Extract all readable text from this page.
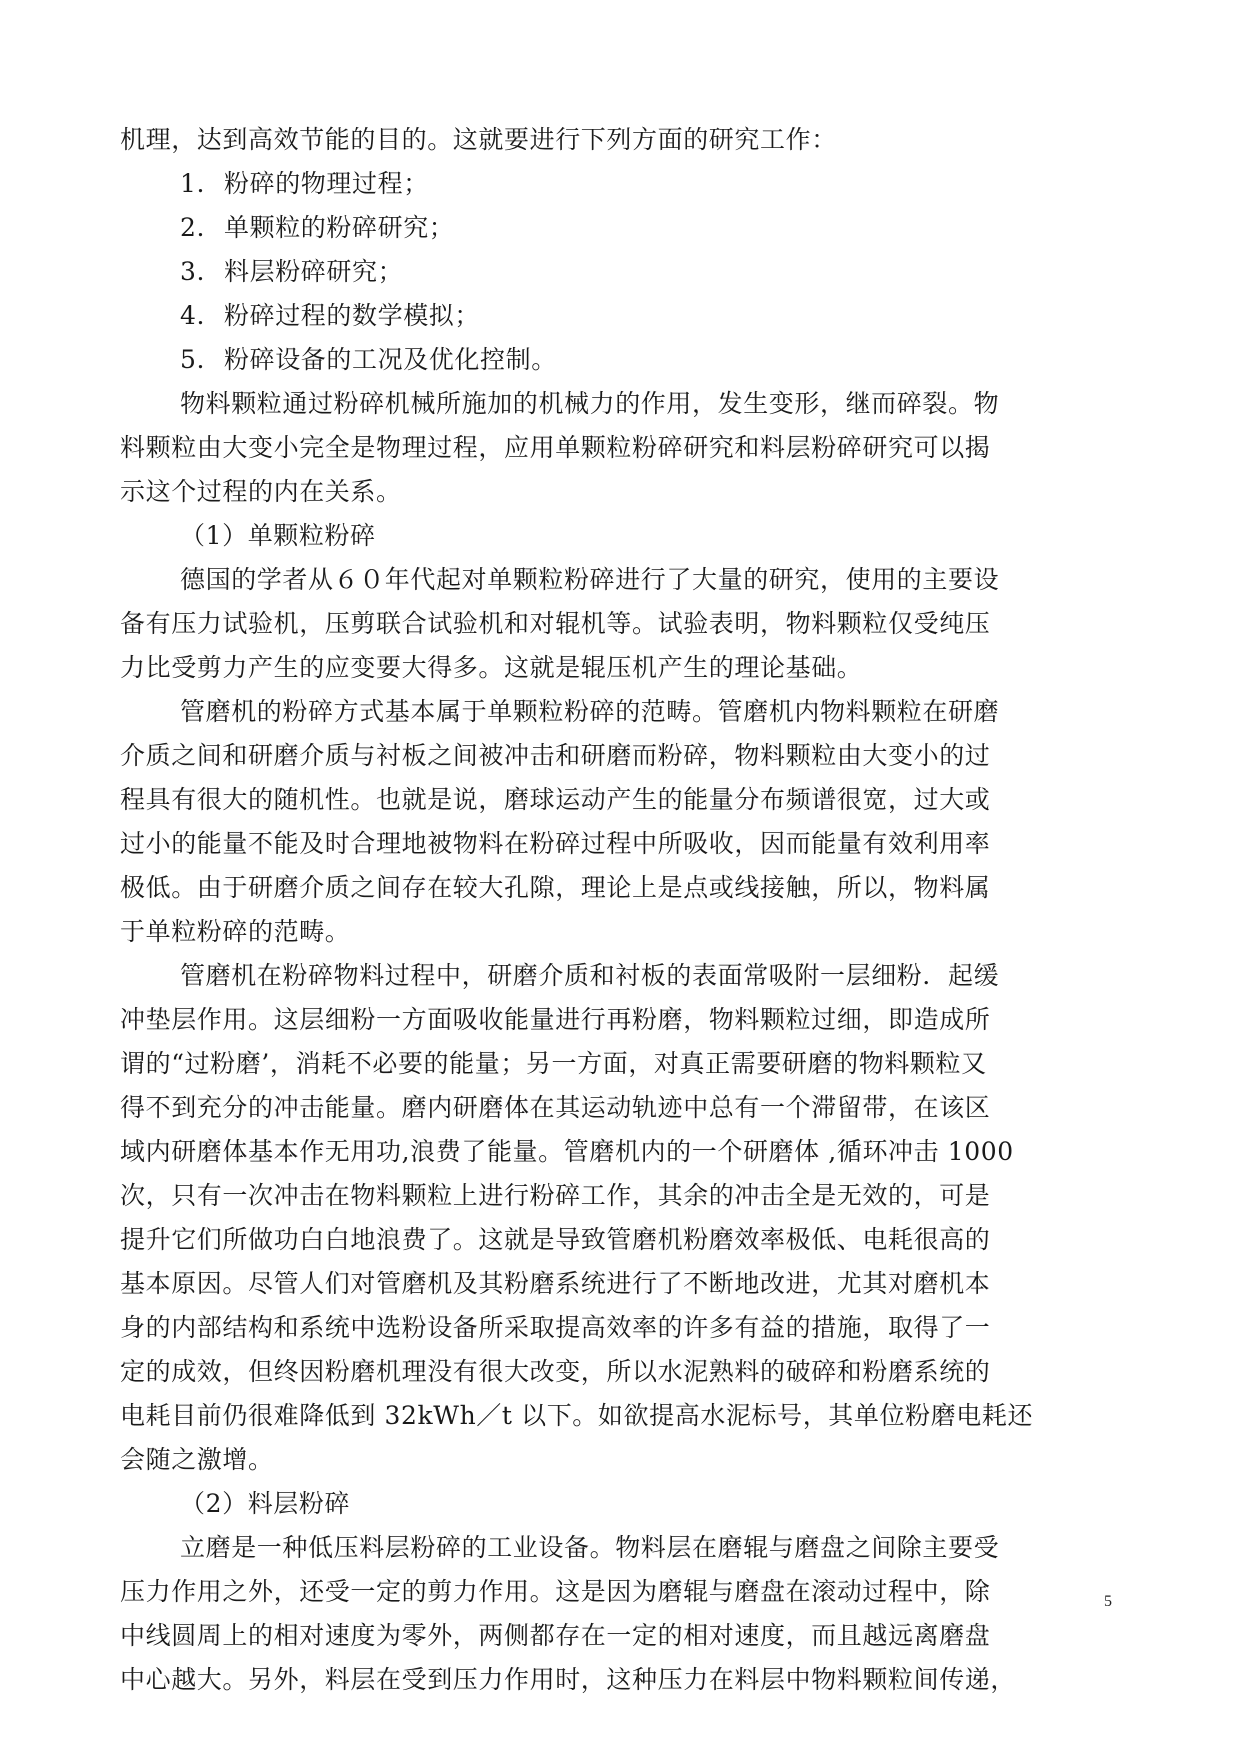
机理，达到高效节能的目的。这就要进行下列方面的研究工作：
1. 粉碎的物理过程；
2. 单颗粒的粉碎研究；
3. 料层粉碎研究；
4. 粉碎过程的数学模拟；
5. 粉碎设备的工况及优化控制。
物料颗粒通过粉碎机械所施加的机械力的作用，发生变形，继而碎裂。物
料颗粒由大变小完全是物理过程，应用单颗粒粉碎研究和料层粉碎研究可以揭
示这个过程的内在关系。
（1）单颗粒粉碎
德国的学者从６０年代起对单颗粒粉碎进行了大量的研究，使用的主要设
备有压力试验机，压剪联合试验机和对辊机等。试验表明，物料颗粒仅受纯压
力比受剪力产生的应变要大得多。这就是辊压机产生的理论基础。
管磨机的粉碎方式基本属于单颗粒粉碎的范畴。管磨机内物料颗粒在研磨
介质之间和研磨介质与衬板之间被冲击和研磨而粉碎，物料颗粒由大变小的过
程具有很大的随机性。也就是说，磨球运动产生的能量分布频谱很宽，过大或
过小的能量不能及时合理地被物料在粉碎过程中所吸收，因而能量有效利用率
极低。由于研磨介质之间存在较大孔隙，理论上是点或线接触，所以，物料属
于单粒粉碎的范畴。
管磨机在粉碎物料过程中，研磨介质和衬板的表面常吸附一层细粉．起缓
冲垫层作用。这层细粉一方面吸收能量进行再粉磨，物料颗粒过细，即造成所
谓的“过粉磨’，消耗不必要的能量；另一方面，对真正需要研磨的物料颗粒又
得不到充分的冲击能量。磨内研磨体在其运动轨迹中总有一个滞留带，在该区
域内研磨体基本作无用功,浪费了能量。管磨机内的一个研磨体 ,循环冲击 1000
次，只有一次冲击在物料颗粒上进行粉碎工作，其余的冲击全是无效的，可是
提升它们所做功白白地浪费了。这就是导致管磨机粉磨效率极低、电耗很高的
基本原因。尽管人们对管磨机及其粉磨系统进行了不断地改进，尤其对磨机本
身的内部结构和系统中选粉设备所采取提高效率的许多有益的措施，取得了一
定的成效，但终因粉磨机理没有很大改变，所以水泥熟料的破碎和粉磨系统的
电耗目前仍很难降低到 32kWh／t 以下。如欲提高水泥标号，其单位粉磨电耗还
会随之激增。
（2）料层粉碎
立磨是一种低压料层粉碎的工业设备。物料层在磨辊与磨盘之间除主要受
压力作用之外，还受一定的剪力作用。这是因为磨辊与磨盘在滚动过程中，除
中线圆周上的相对速度为零外，两侧都存在一定的相对速度，而且越远离磨盘
中心越大。另外，料层在受到压力作用时，这种压力在料层中物料颗粒间传递，
5
